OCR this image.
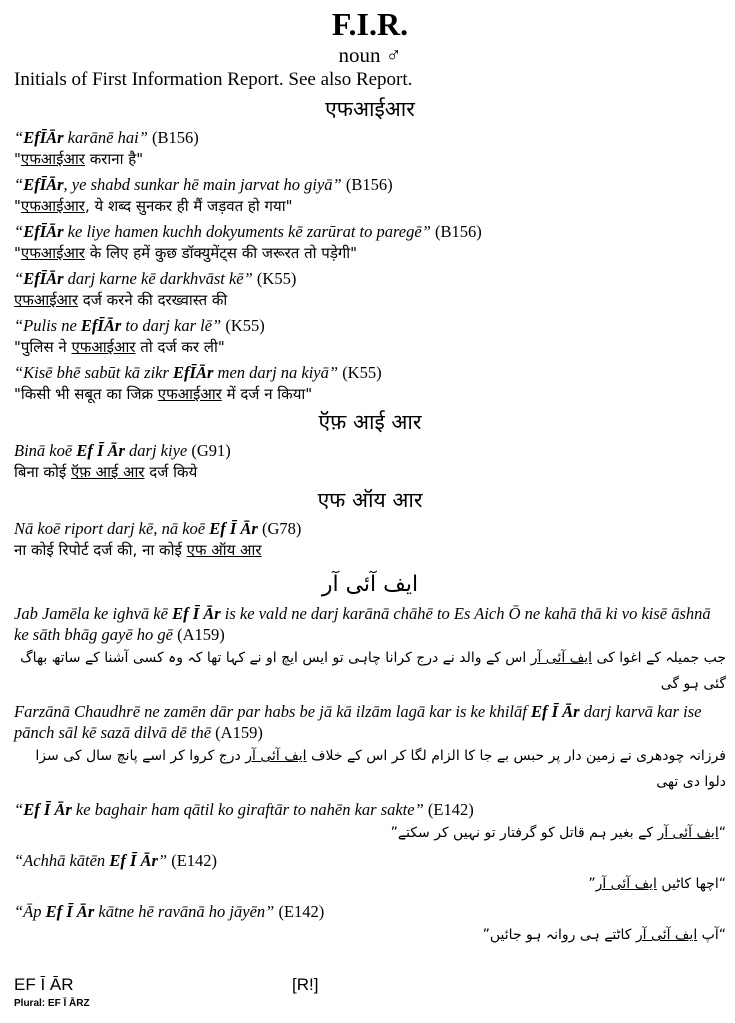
F.I.R.
noun ♂
Initials of First Information Report. See also Report.
एफआईआर
“EfĪĀr karānē hai” (B156)
"एफआईआर कराना है"
“EfĪĀr, ye shabd sunkar hē main jarvat ho giyā” (B156)
"एफआईआर, ये शब्द सुनकर ही मैं जड़वत हो गया"
“EfĪĀr ke liye hamen kuchh dokyuments kē zarūrat to paregē” (B156)
"एफआईआर के लिए हमें कुछ डॉक्युमेंट्स की जरूरत तो पड़ेगी"
“EfĪĀr darj karne kē darkhvāst kē” (K55)
एफआईआर दर्ज करने की दरख्वास्त की
“Pulis ne EfĪĀr to darj kar lē” (K55)
"पुलिस ने एफआईआर तो दर्ज कर ली"
“Kisē bhē sabūt kā zikr EfĪĀr men darj na kiyā” (K55)
"किसी भी सबूत का जिक्र एफआईआर में दर्ज न किया"
ऍफ़ आई आर
Binā koē Ef Ī Ār darj kiye (G91)
बिना कोई ऍफ़ आई आर दर्ज किये
एफ ऑय आर
Nā koē riport darj kē, nā koē Ef Ī Ār (G78)
ना कोई रिपोर्ट दर्ज की, ना कोई एफ ऑय आर
ایف آئی آر
Jab Jamēla ke ighvā kē Ef Ī Ār is ke vald ne darj karānā chāhē to Es Aich Ō ne kahā thā ki vo kisē āshnā ke sāth bhāg gayē ho gē (A159)
جب جمیلہ کے اغوا کی ایف آئی آر اس کے والد نے درج کرانا چاہی تو ایس ایچ او نے کہا تھا کہ وہ کسی آشنا کے ساتھ بھاگ گئی ہو گی
Farzānā Chaudhrē ne zamēn dār par habs be jā kā ilzām lagā kar is ke khilāf Ef Ī Ār darj karvā kar ise pānch sāl kē sazā dilvā dē thē (A159)
فرزانہ چودھری نے زمین دار پر حبس بے جا کا الزام لگا کر اس کے خلاف ایف آئی آر درج کروا کر اسے پانچ سال کی سزا دلوا دی تھی
“Ef Ī Ār ke baghair ham qātil ko giraftār to nahēn kar sakte” (E142)
“ایف آئی آر کے بغیر ہم قاتل کو گرفتار تو نہیں کر سکتے”
“Achhā kātēn Ef Ī Ār” (E142)
“اچھا کاٹیں ایف آئی آر”
“Āp Ef Ī Ār kātne hē ravānā ho jāyēn” (E142)
“آپ ایف آئی آر کاٹتے ہی روانہ ہو جائیں”
EF Ī ĀR	[R!]
Plural: EF Ī ĀRZ
